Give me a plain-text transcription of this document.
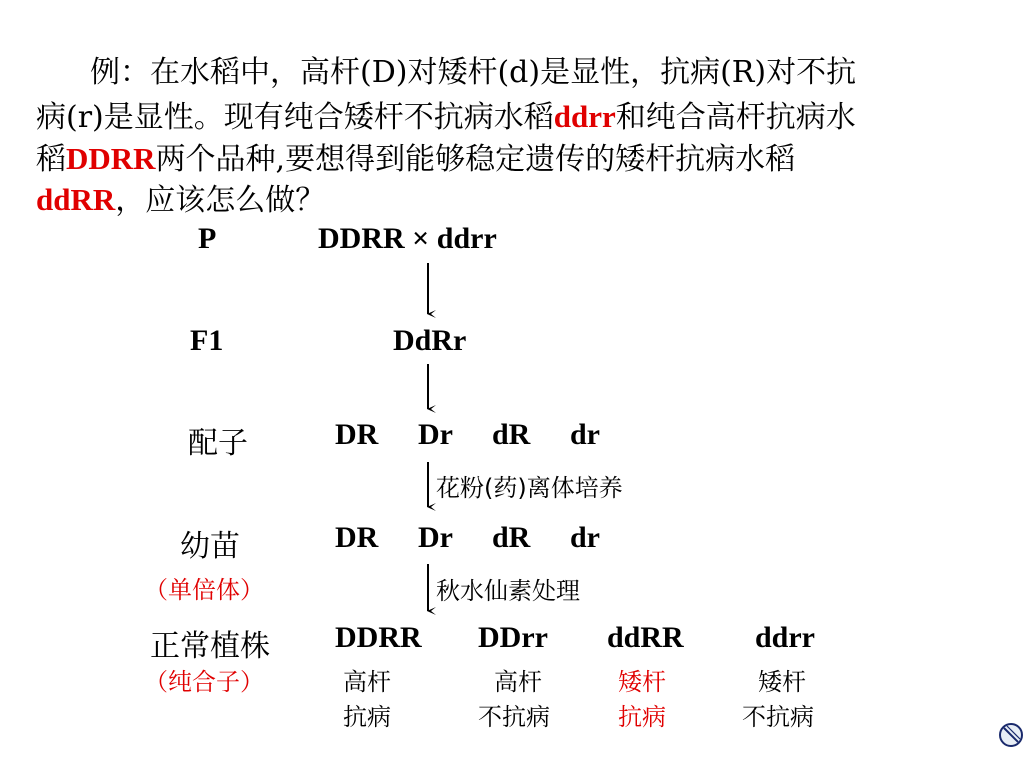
例：在水稻中，高杆(D)对矮杆(d)是显性，抗病(R)对不抗
病(r)是显性。现有纯合矮杆不抗病水稻ddrr和纯合高杆抗病水
稻DDRR两个品种,要想得到能够稳定遗传的矮杆抗病水稻
ddRR，应该怎么做？
P	DDRR × ddrr
F1	DdRr
配子	DR Dr dR dr
花粉(药)离体培养
幼苗
（单倍体）
DR Dr dR dr
秋水仙素处理
正常植株
（纯合子）
DDRR DDrr ddRR ddrr
高杆	高杆	矮杆	矮杆
抗病	不抗病	抗病	不抗病
